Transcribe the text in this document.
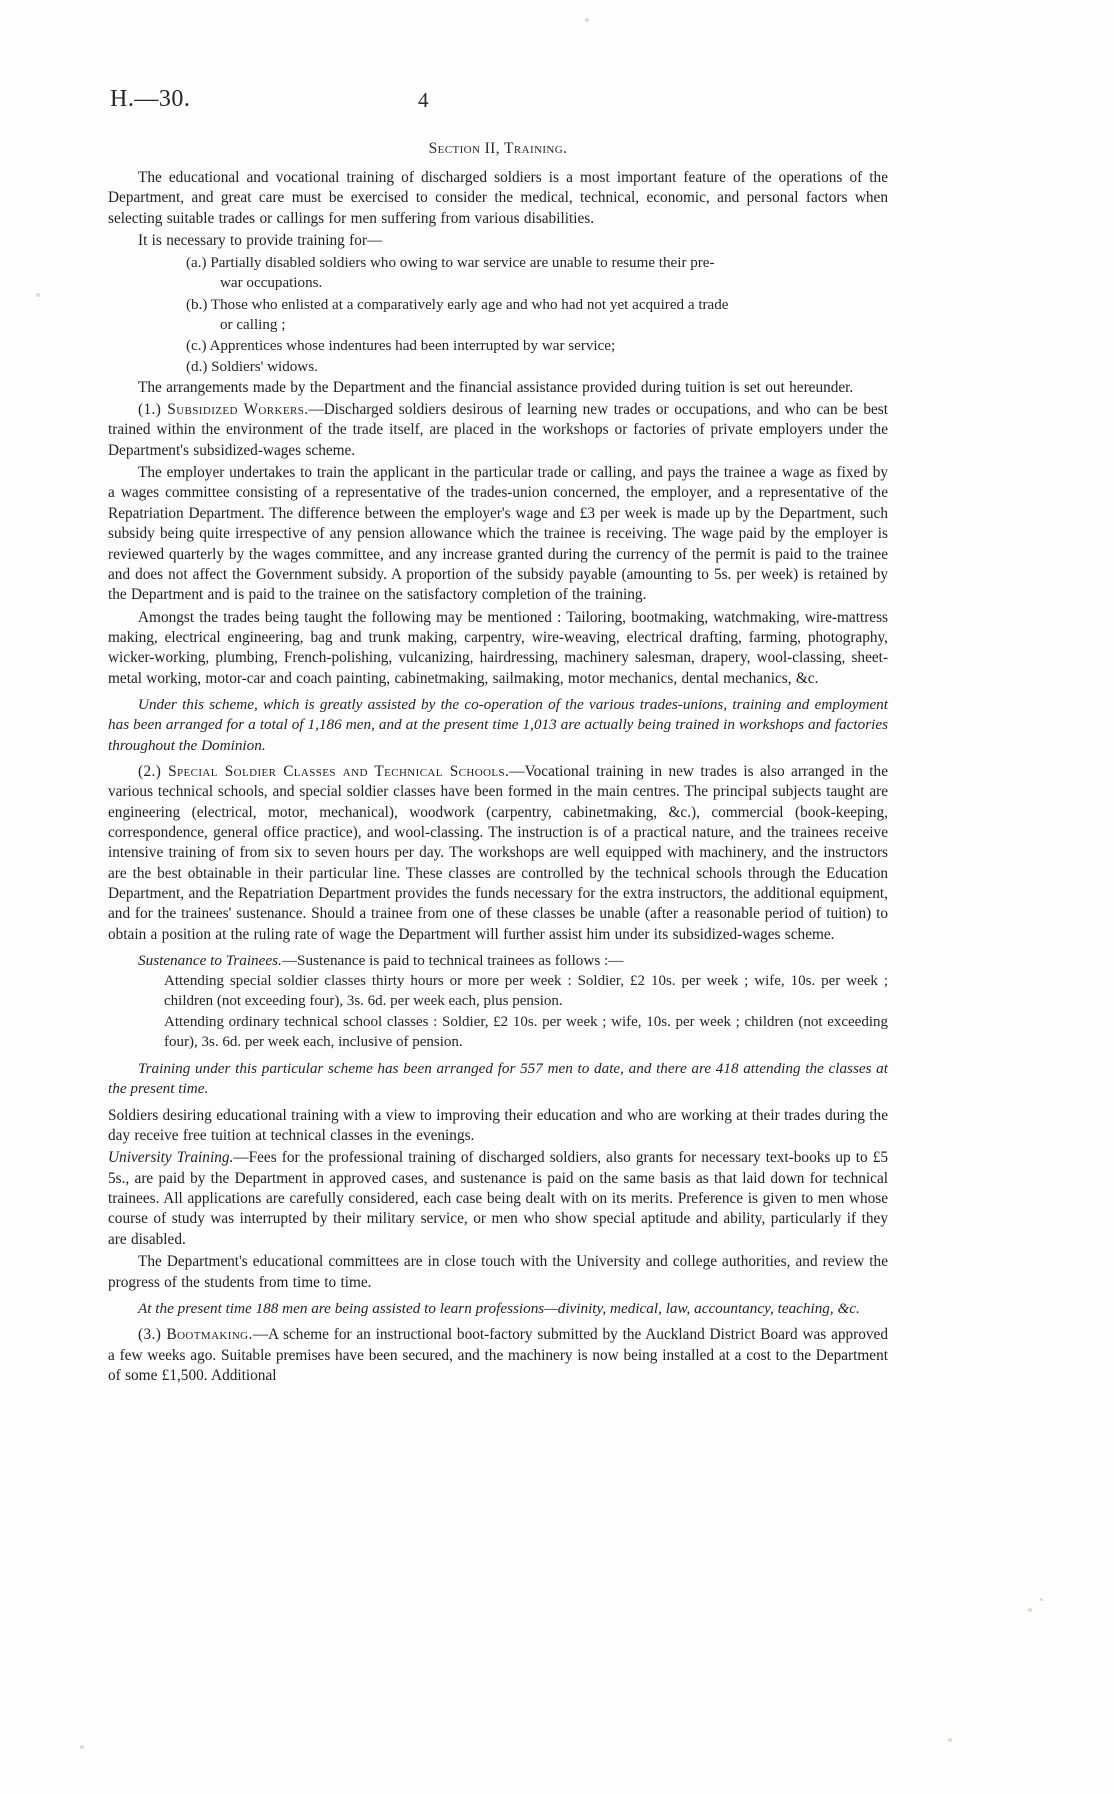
H.—30.	4
Section II, Training.

The educational and vocational training of discharged soldiers is a most important feature of the operations of the Department, and great care must be exercised to consider the medical, technical, economic, and personal factors when selecting suitable trades or callings for men suffering from various disabilities.

It is necessary to provide training for—

(a.) Partially disabled soldiers who owing to war service are unable to resume their pre-
war occupations.

(b.) Those who enlisted at a comparatively early age and who had not yet acquired a trade
or calling ;

(c.) Apprentices whose indentures had been interrupted by war service;

(d.) Soldiers' widows.

The arrangements made by the Department and the financial assistance provided during tuition is set out hereunder.

(1.) Subsidized Workers.—Discharged soldiers desirous of learning new trades or occupations, and who can be best trained within the environment of the trade itself, are placed in the workshops or factories of private employers under the Department's subsidized-wages scheme.

The employer undertakes to train the applicant in the particular trade or calling, and pays the trainee a wage as fixed by a wages committee consisting of a representative of the trades-union concerned, the employer, and a representative of the Repatriation Department. The difference between the employer's wage and £3 per week is made up by the Department, such subsidy being quite irrespective of any pension allowance which the trainee is receiving. The wage paid by the employer is reviewed quarterly by the wages committee, and any increase granted during the currency of the permit is paid to the trainee and does not affect the Government subsidy. A proportion of the subsidy payable (amounting to 5s. per week) is retained by the Department and is paid to the trainee on the satisfactory completion of the training.

Amongst the trades being taught the following may be mentioned : Tailoring, bootmaking, watchmaking, wire-mattress making, electrical engineering, bag and trunk making, carpentry, wire-weaving, electrical drafting, farming, photography, wicker-working, plumbing, French-polishing, vulcanizing, hairdressing, machinery salesman, drapery, wool-classing, sheet-metal working, motor-car and coach painting, cabinetmaking, sailmaking, motor mechanics, dental mechanics, &c.

Under this scheme, which is greatly assisted by the co-operation of the various trades-unions, training and employment has been arranged for a total of 1,186 men, and at the present time 1,013 are actually being trained in workshops and factories throughout the Dominion.

(2.) Special Soldier Classes and Technical Schools.—Vocational training in new trades is also arranged in the various technical schools, and special soldier classes have been formed in the main centres. The principal subjects taught are engineering (electrical, motor, mechanical), woodwork (carpentry, cabinetmaking, &c.), commercial (book-keeping, correspondence, general office practice), and wool-classing. The instruction is of a practical nature, and the trainees receive intensive training of from six to seven hours per day. The workshops are well equipped with machinery, and the instructors are the best obtainable in their particular line. These classes are controlled by the technical schools through the Education Department, and the Repatriation Department provides the funds necessary for the extra instructors, the additional equipment, and for the trainees' sustenance. Should a trainee from one of these classes be unable (after a reasonable period of tuition) to obtain a position at the ruling rate of wage the Department will further assist him under its subsidized-wages scheme.

Sustenance to Trainees.—Sustenance is paid to technical trainees as follows :—

Attending special soldier classes thirty hours or more per week : Soldier, £2 10s. per week ; wife, 10s. per week ; children (not exceeding four), 3s. 6d. per week each, plus pension.

Attending ordinary technical school classes : Soldier, £2 10s. per week ; wife, 10s. per week ; children (not exceeding four), 3s. 6d. per week each, inclusive of pension.

Training under this particular scheme has been arranged for 557 men to date, and there are 418 attending the classes at the present time.

Soldiers desiring educational training with a view to improving their education and who are working at their trades during the day receive free tuition at technical classes in the evenings.

University Training.—Fees for the professional training of discharged soldiers, also grants for necessary text-books up to £5 5s., are paid by the Department in approved cases, and sustenance is paid on the same basis as that laid down for technical trainees. All applications are carefully considered, each case being dealt with on its merits. Preference is given to men whose course of study was interrupted by their military service, or men who show special aptitude and ability, particularly if they are disabled.

The Department's educational committees are in close touch with the University and college authorities, and review the progress of the students from time to time.

At the present time 188 men are being assisted to learn professions—divinity, medical, law, accountancy, teaching, &c.

(3.) Bootmaking.—A scheme for an instructional boot-factory submitted by the Auckland District Board was approved a few weeks ago. Suitable premises have been secured, and the machinery is now being installed at a cost to the Department of some £1,500. Additional
